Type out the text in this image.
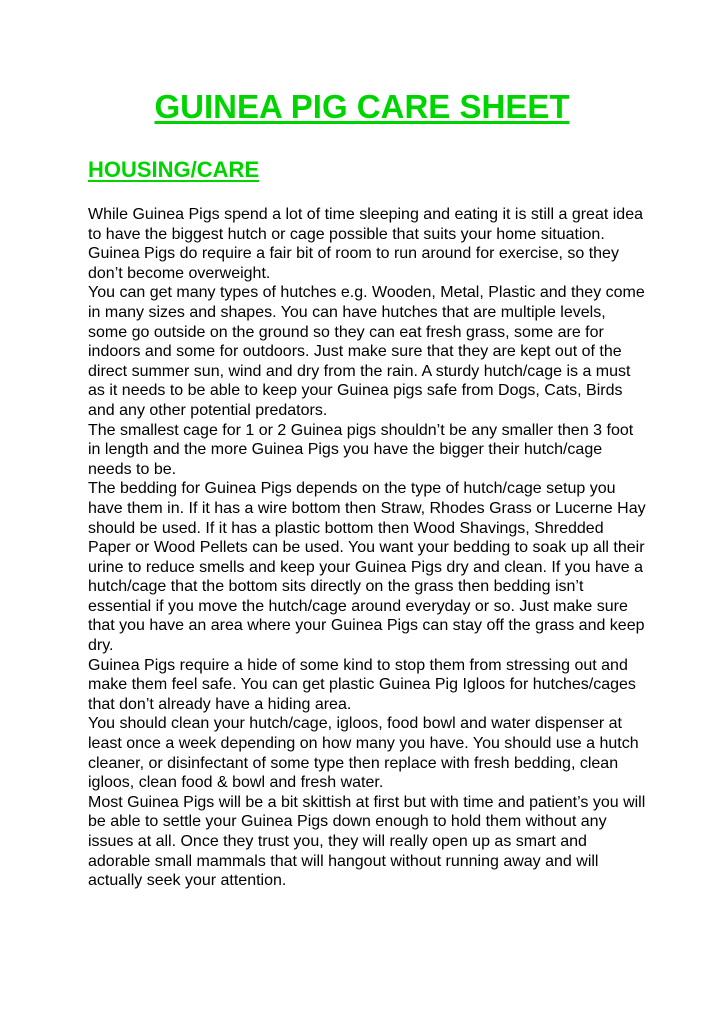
GUINEA PIG CARE SHEET
HOUSING/CARE

While Guinea Pigs spend a lot of time sleeping and eating it is still a great idea to have the biggest hutch or cage possible that suits your home situation. Guinea Pigs do require a fair bit of room to run around for exercise, so they don’t become overweight.

You can get many types of hutches e.g. Wooden, Metal, Plastic and they come in many sizes and shapes. You can have hutches that are multiple levels, some go outside on the ground so they can eat fresh grass, some are for indoors and some for outdoors. Just make sure that they are kept out of the direct summer sun, wind and dry from the rain. A sturdy hutch/cage is a must as it needs to be able to keep your Guinea pigs safe from Dogs, Cats, Birds and any other potential predators.

The smallest cage for 1 or 2 Guinea pigs shouldn’t be any smaller then 3 foot in length and the more Guinea Pigs you have the bigger their hutch/cage needs to be.

The bedding for Guinea Pigs depends on the type of hutch/cage setup you have them in. If it has a wire bottom then Straw, Rhodes Grass or Lucerne Hay should be used. If it has a plastic bottom then Wood Shavings, Shredded Paper or Wood Pellets can be used. You want your bedding to soak up all their urine to reduce smells and keep your Guinea Pigs dry and clean. If you have a hutch/cage that the bottom sits directly on the grass then bedding isn’t essential if you move the hutch/cage around everyday or so. Just make sure that you have an area where your Guinea Pigs can stay off the grass and keep dry.

Guinea Pigs require a hide of some kind to stop them from stressing out and make them feel safe. You can get plastic Guinea Pig Igloos for hutches/cages that don’t already have a hiding area.

You should clean your hutch/cage, igloos, food bowl and water dispenser at least once a week depending on how many you have. You should use a hutch cleaner, or disinfectant of some type then replace with fresh bedding, clean igloos, clean food & bowl and fresh water.

Most Guinea Pigs will be a bit skittish at first but with time and patient’s you will be able to settle your Guinea Pigs down enough to hold them without any issues at all. Once they trust you, they will really open up as smart and adorable small mammals that will hangout without running away and will actually seek your attention.
